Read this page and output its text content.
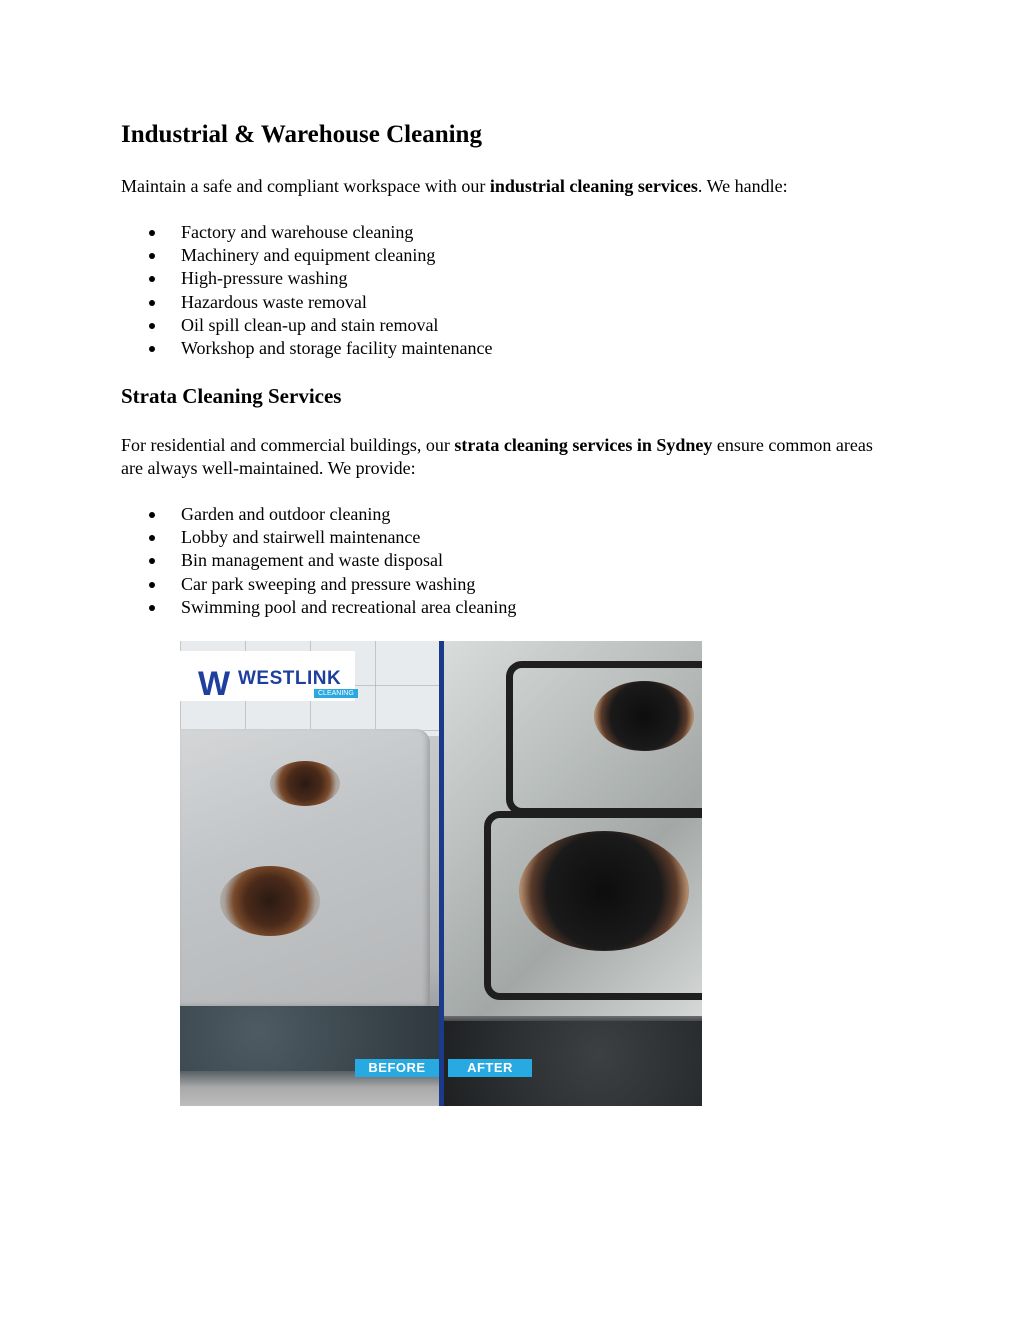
Industrial & Warehouse Cleaning

Maintain a safe and compliant workspace with our industrial cleaning services. We handle:

Factory and warehouse cleaning
Machinery and equipment cleaning
High-pressure washing
Hazardous waste removal
Oil spill clean-up and stain removal
Workshop and storage facility maintenance
Strata Cleaning Services

For residential and commercial buildings, our strata cleaning services in Sydney ensure common areas are always well-maintained. We provide:

Garden and outdoor cleaning
Lobby and stairwell maintenance
Bin management and waste disposal
Car park sweeping and pressure washing
Swimming pool and recreational area cleaning
W WESTLINK
CLEANING
BEFORE	AFTER
